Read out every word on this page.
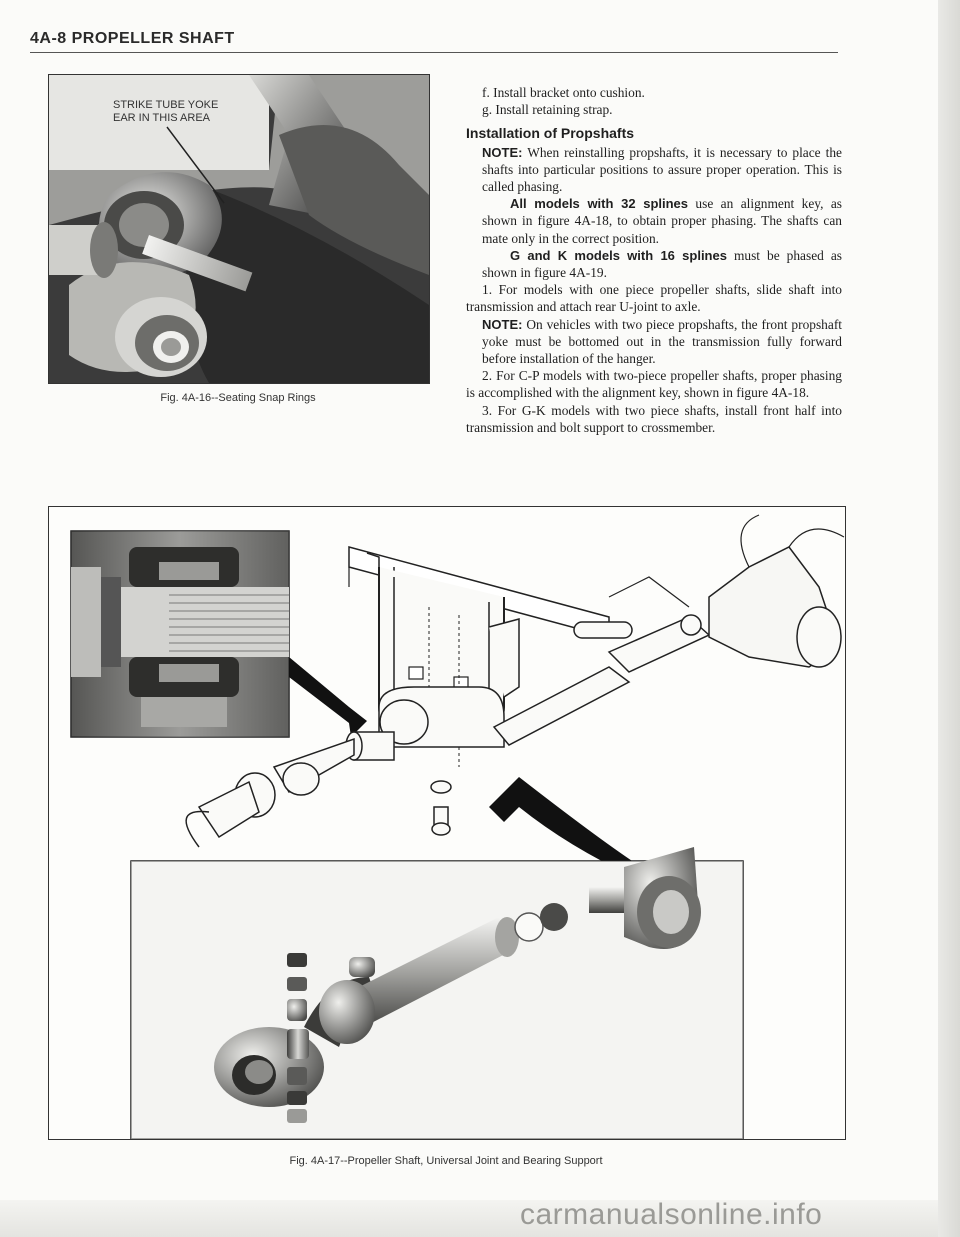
4A-8 PROPELLER SHAFT
STRIKE TUBE YOKE
EAR IN THIS AREA
Fig. 4A-16--Seating Snap Rings

f. Install bracket onto cushion.

g. Install retaining strap.

Installation of Propshafts

NOTE: When reinstalling propshafts, it is necessary to place the shafts into particular positions to assure proper operation. This is called phasing.

All models with 32 splines use an alignment key, as shown in figure 4A-18, to obtain proper phasing. The shafts can mate only in the correct position.

G and K models with 16 splines must be phased as shown in figure 4A-19.

1. For models with one piece propeller shafts, slide shaft into transmission and attach rear U-joint to axle.

NOTE: On vehicles with two piece propshafts, the front propshaft yoke must be bottomed out in the transmission fully forward before installation of the hanger.

2. For C-P models with two-piece propeller shafts, proper phasing is accomplished with the alignment key, shown in figure 4A-18.

3. For G-K models with two piece shafts, install front half into transmission and bolt support to crossmember.

Fig. 4A-17--Propeller Shaft, Universal Joint and Bearing Support
carmanualsonline.info
